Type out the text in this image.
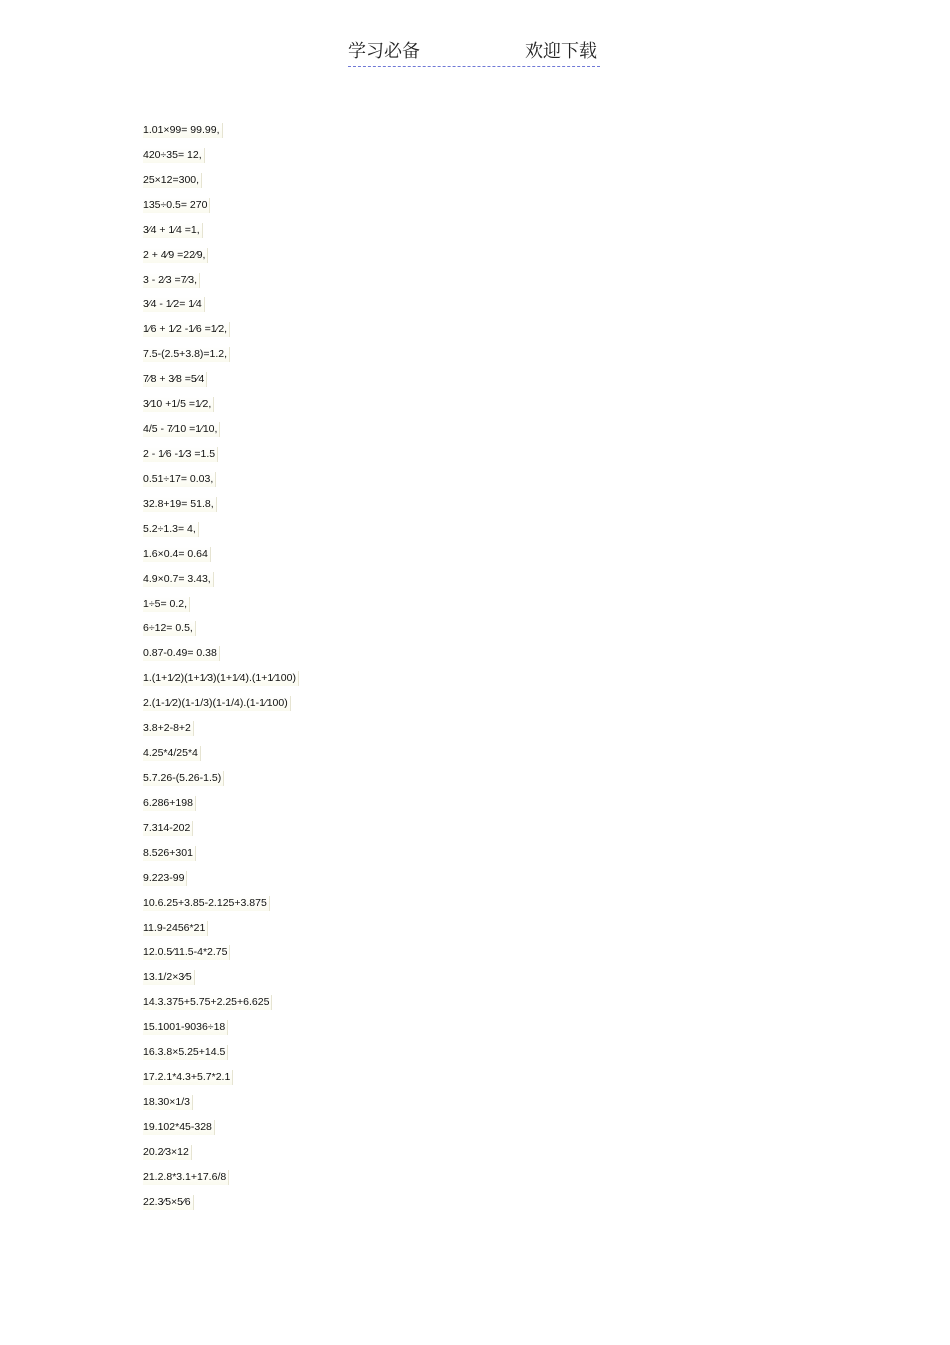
学习必备	欢迎下载
1.01×99= 99.99,
420÷35= 12,
25×12=300,
135÷0.5= 270
3⁄4 + 1⁄4 =1,
2 + 4⁄9 =22⁄9,
3 - 2⁄3 =7⁄3,
3⁄4 - 1⁄2= 1⁄4
1⁄6 + 1⁄2 -1⁄6 =1⁄2,
7.5-(2.5+3.8)=1.2,
7⁄8 + 3⁄8 =5⁄4
3⁄10 +1/5 =1⁄2,
4/5 - 7⁄10 =1⁄10,
2 - 1⁄6 -1⁄3 =1.5
0.51÷17= 0.03,
32.8+19= 51.8,
5.2÷1.3= 4,
1.6×0.4= 0.64
4.9×0.7= 3.43,
1÷5= 0.2,
6÷12= 0.5,
0.87-0.49= 0.38
1.(1+1⁄2)(1+1⁄3)(1+1⁄4).(1+1⁄100)
2.(1-1⁄2)(1-1/3)(1-1/4).(1-1⁄100)
3.8+2-8+2
4.25*4/25*4
5.7.26-(5.26-1.5)
6.286+198
7.314-202
8.526+301
9.223-99
10.6.25+3.85-2.125+3.875
11.9-2456*21
12.0.5⁄11.5-4*2.75
13.1/2×3⁄5
14.3.375+5.75+2.25+6.625
15.1001-9036÷18
16.3.8×5.25+14.5
17.2.1*4.3+5.7*2.1
18.30×1/3
19.102*45-328
20.2⁄3×12
21.2.8*3.1+17.6/8
22.3⁄5×5⁄6
